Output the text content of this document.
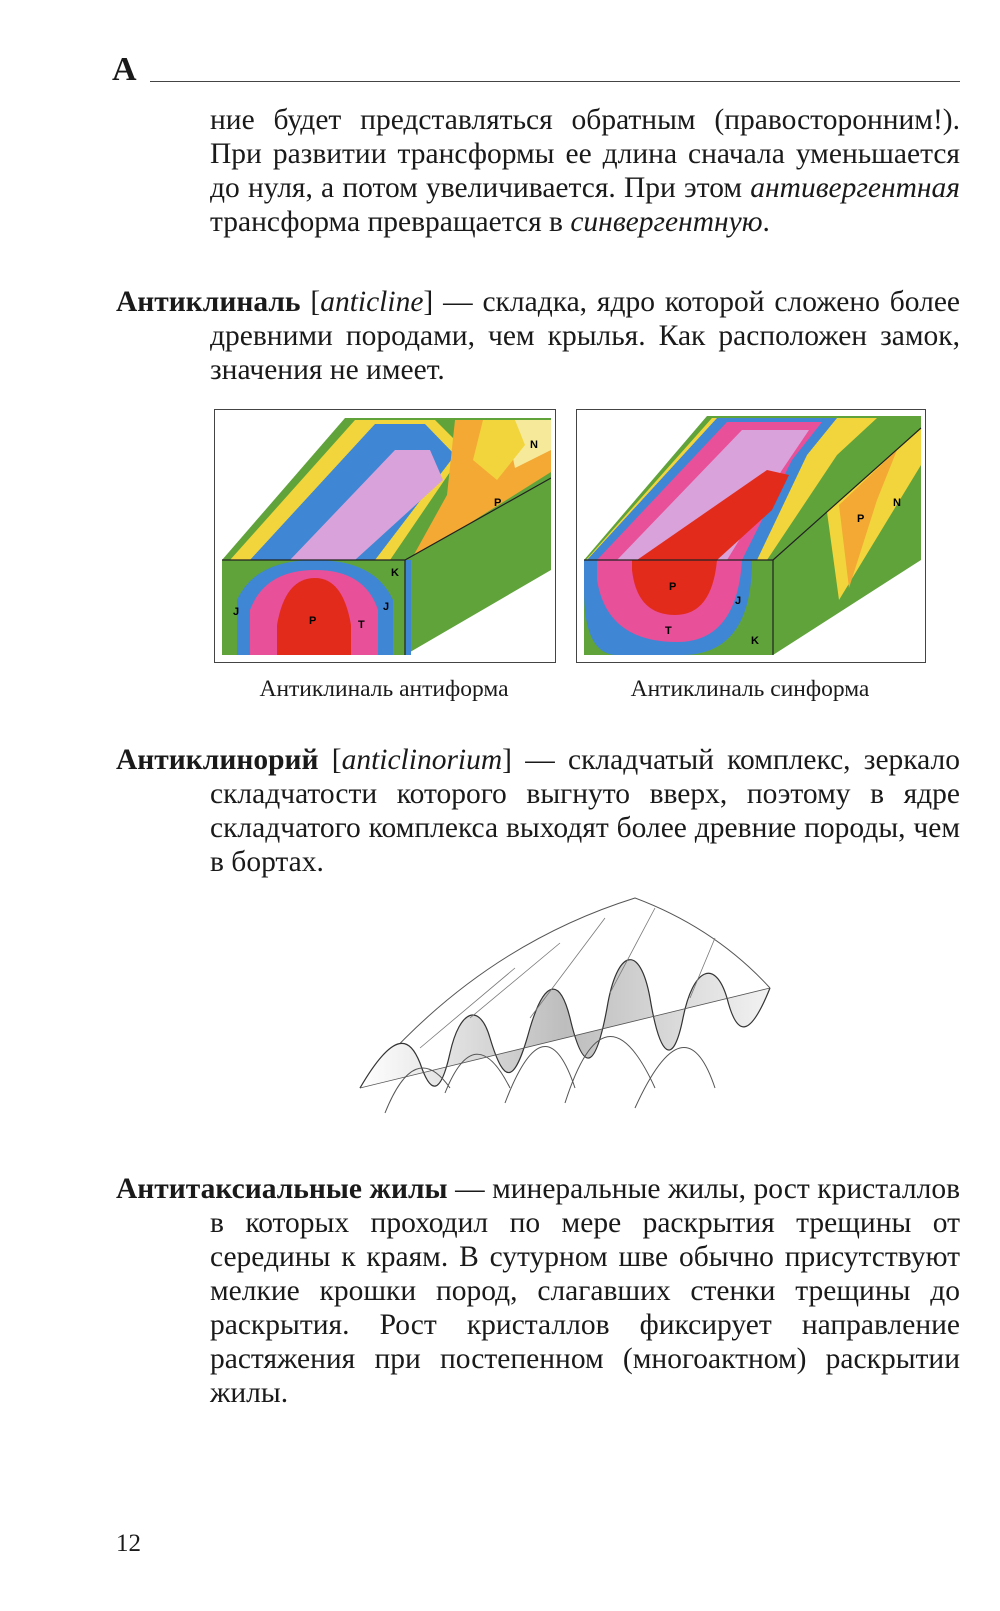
А
ние будет представляться обратным (правосторонним!). При развитии трансформы ее длина сначала уменьшается до нуля, а потом увеличивается. При этом антивергентная трансформа превращается в синвергентную.
Антиклиналь [anticline] — складка, ядро которой сложено более древними породами, чем крылья. Как расположен замок, значения не имеет.
N
P
K
J	J
P	T
P
N
P
J
T
K
Антиклиналь антиформа	Антиклиналь синформа
Антиклинорий [anticlinorium] — складчатый комплекс, зеркало складчатости которого выгнуто вверх, поэтому в ядре складчатого комплекса выходят более древние породы, чем в бортах.
Антитаксиальные жилы — минеральные жилы, рост кристаллов в которых проходил по мере раскрытия трещины от середины к краям. В сутурном шве обычно присутствуют мелкие крошки пород, слагавших стенки трещины до раскрытия. Рост кристаллов фиксирует направление растяжения при постепенном (многоактном) раскрытии жилы.
12
